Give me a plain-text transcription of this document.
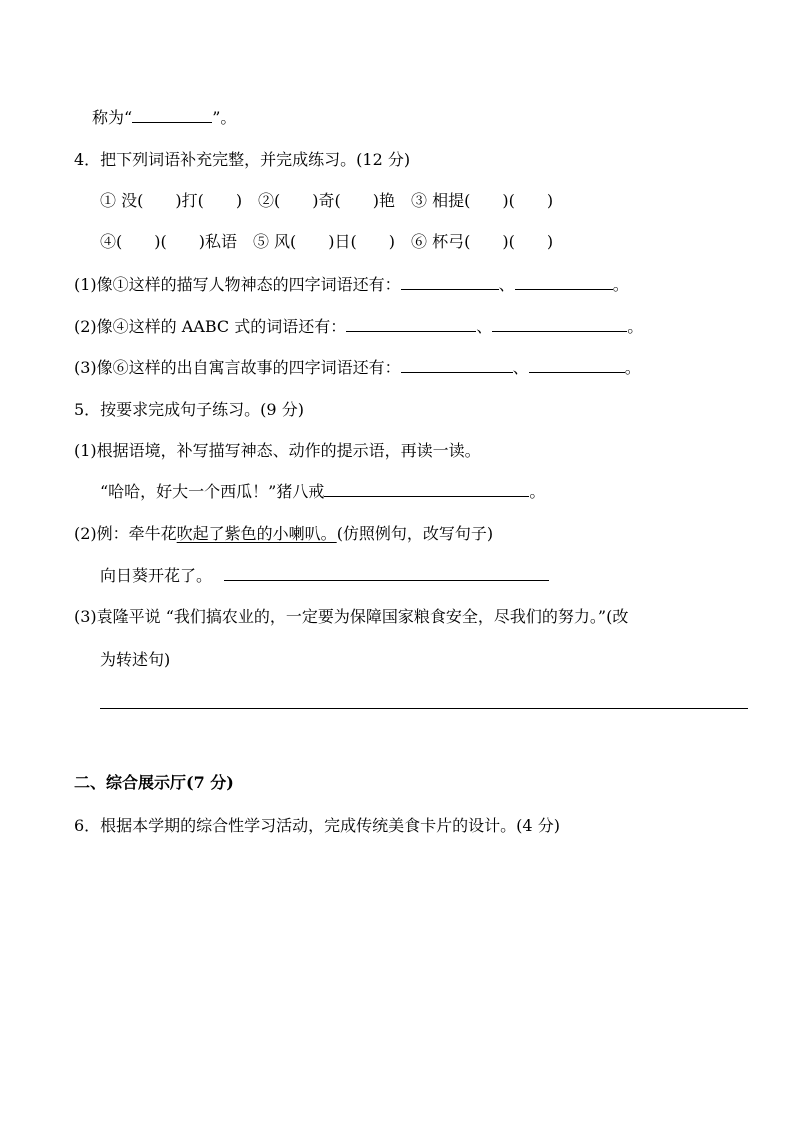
称为“	”。
4．把下列词语补充完整，并完成练习。(12 分)
① 没(　　)打(　　)　②(　　)奇(　　)艳　③ 相提(　　)(　　)
④(　　)(　　)私语　⑤ 风(　　)日(　　)　⑥ 杯弓(　　)(　　)
(1)像①这样的描写人物神态的四字词语还有：	、	。
(2)像④这样的 AABC 式的词语还有：	、	。
(3)像⑥这样的出自寓言故事的四字词语还有：	、	。
5．按要求完成句子练习。(9 分)
(1)根据语境，补写描写神态、动作的提示语，再读一读。
“哈哈，好大一个西瓜！”猪八戒	。
(2)例：牵牛花吹起了紫色的小喇叭。(仿照例句，改写句子)
向日葵开花了。
(3)袁隆平说 “我们搞农业的，一定要为保障国家粮食安全，尽我们的努力。”(改
为转述句)
二、综合展示厅(7 分)
6．根据本学期的综合性学习活动，完成传统美食卡片的设计。(4 分)
